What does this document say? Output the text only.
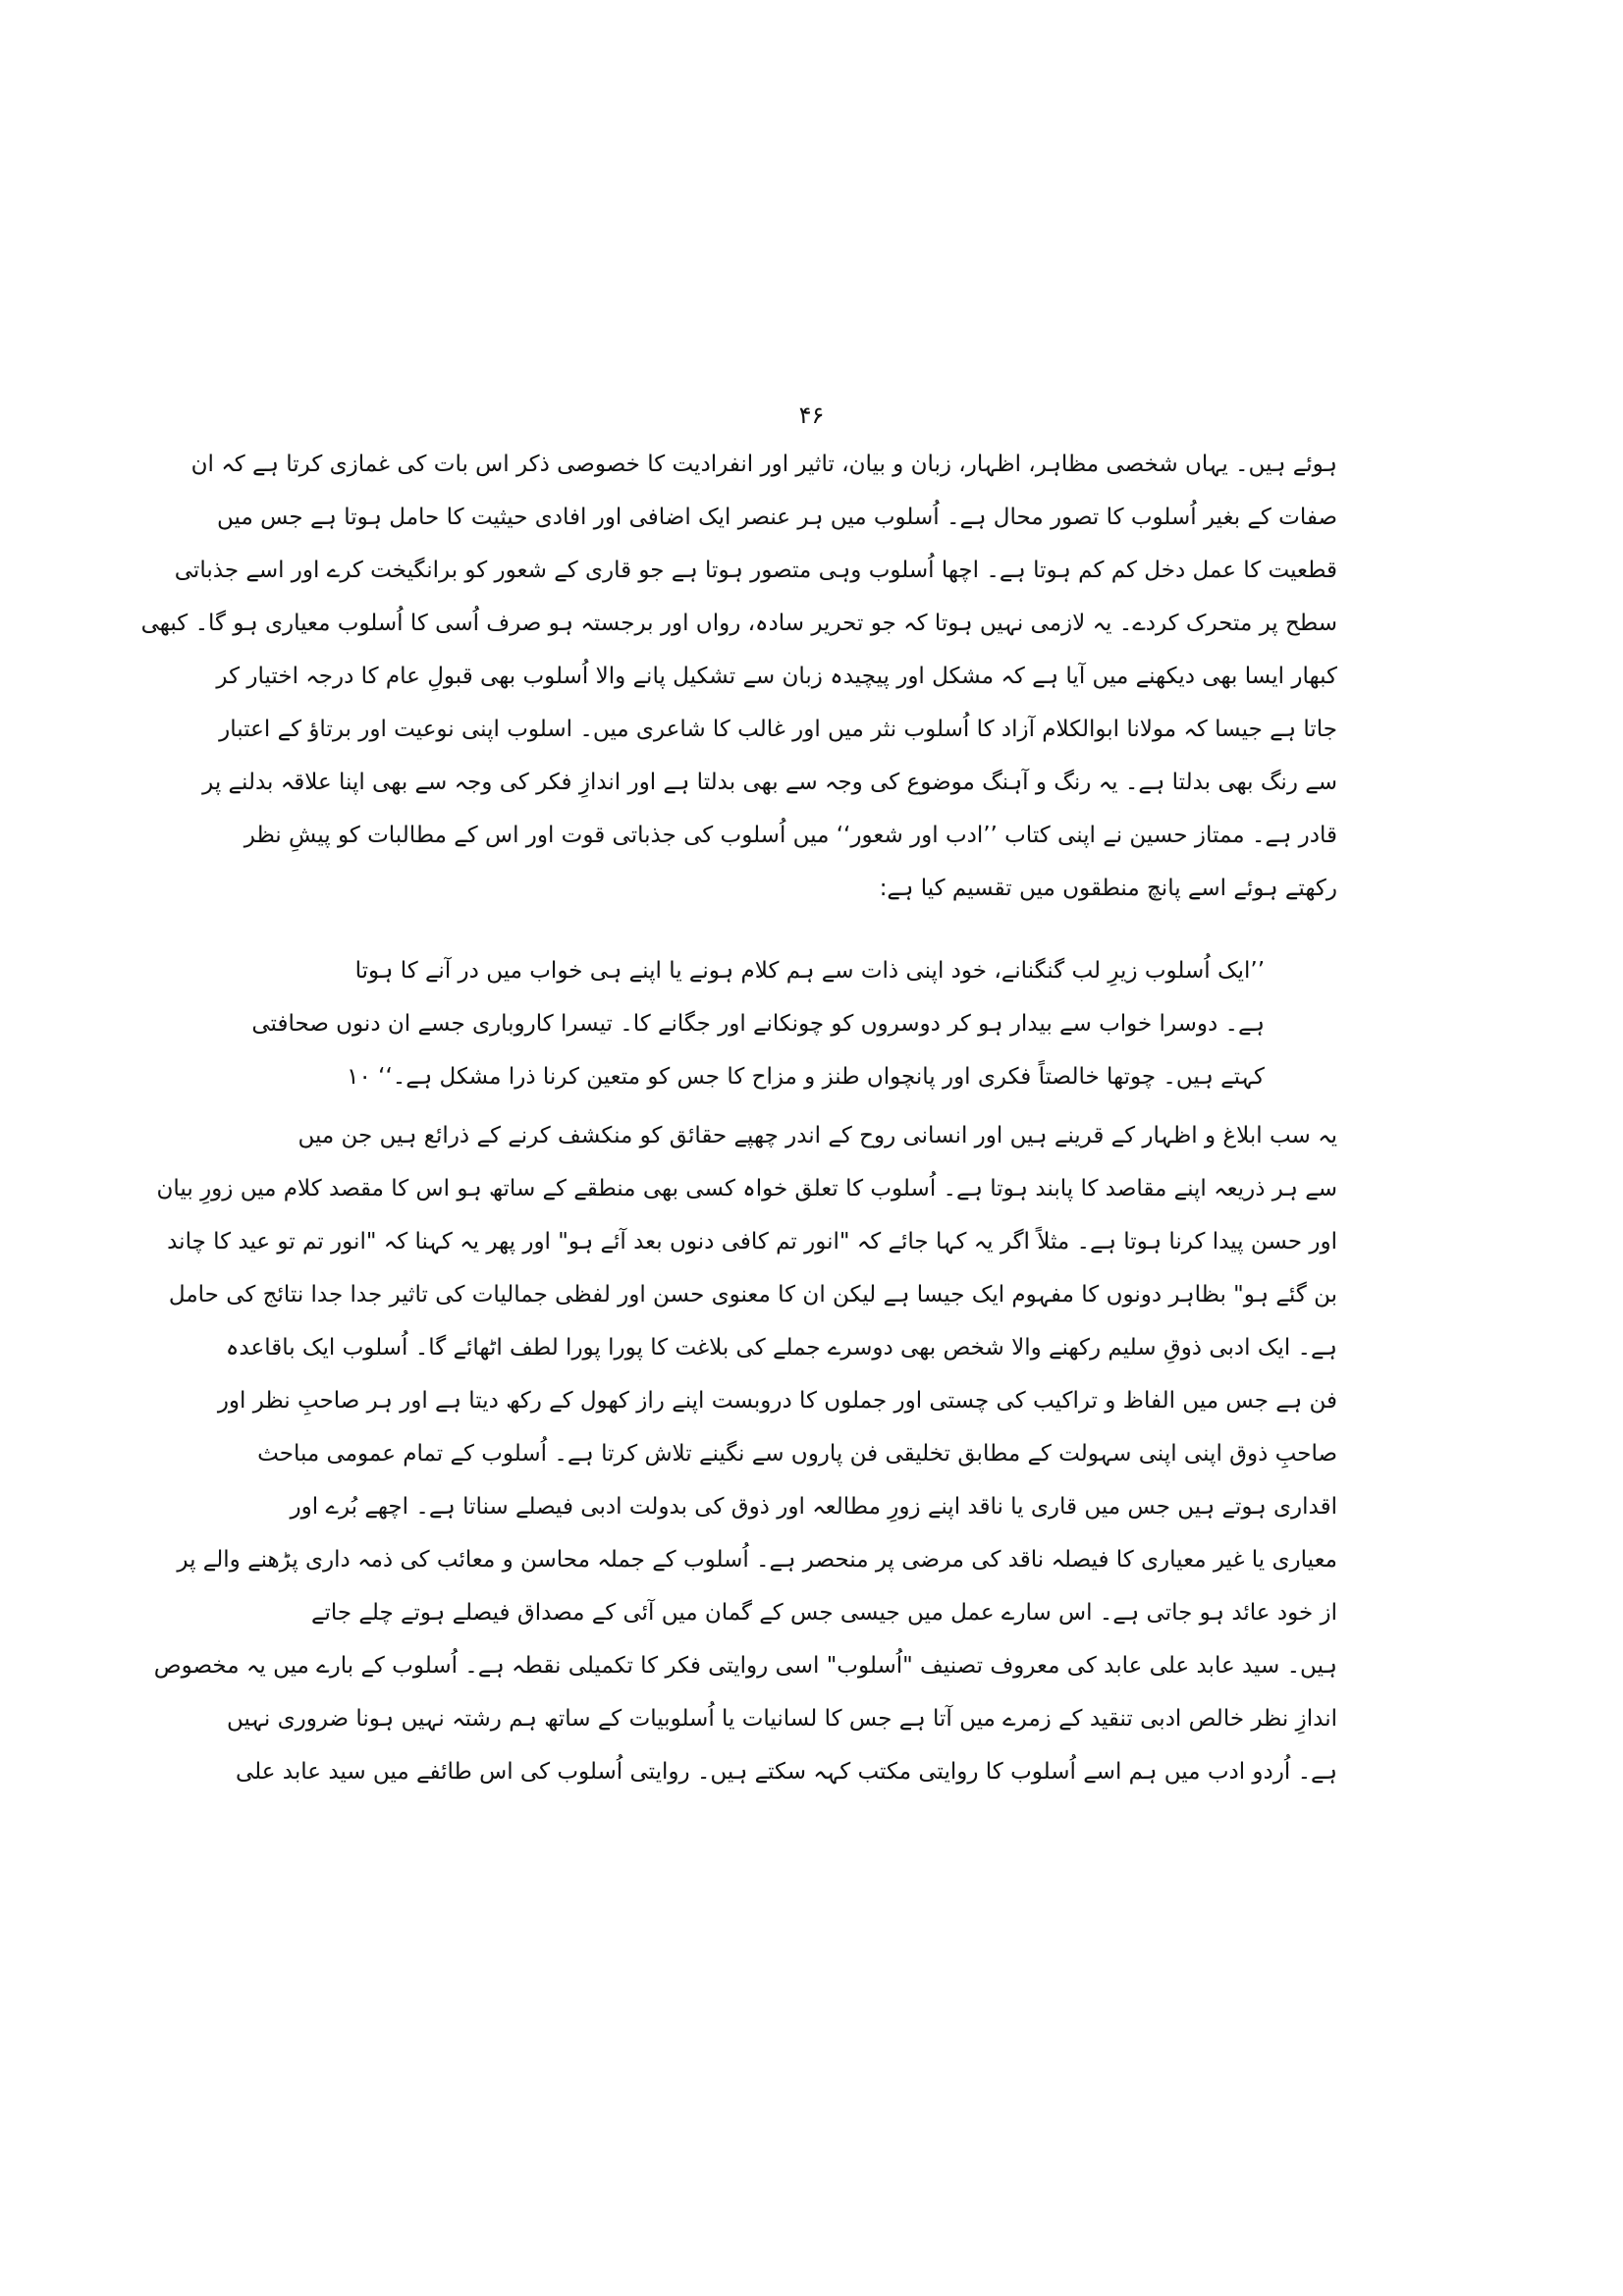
۴۶
ہوئے ہیں۔ یہاں شخصی مظاہر، اظہار، زبان و بیان، تاثیر اور انفرادیت کا خصوصی ذکر اس بات کی غمازی کرتا ہے کہ ان
صفات کے بغیر اُسلوب کا تصور محال ہے۔ اُسلوب میں ہر عنصر ایک اضافی اور افادی حیثیت کا حامل ہوتا ہے جس میں
قطعیت کا عمل دخل کم کم ہوتا ہے۔ اچھا اُسلوب وہی متصور ہوتا ہے جو قاری کے شعور کو برانگیخت کرے اور اسے جذباتی
سطح پر متحرک کردے۔ یہ لازمی نہیں ہوتا کہ جو تحریر سادہ، رواں اور برجستہ ہو صرف اُسی کا اُسلوب معیاری ہو گا۔ کبھی
کبھار ایسا بھی دیکھنے میں آیا ہے کہ مشکل اور پیچیدہ زبان سے تشکیل پانے والا اُسلوب بھی قبولِ عام کا درجہ اختیار کر
جاتا ہے جیسا کہ مولانا ابوالکلام آزاد کا اُسلوب نثر میں اور غالب کا شاعری میں۔ اسلوب اپنی نوعیت اور برتاؤ کے اعتبار
سے رنگ بھی بدلتا ہے۔ یہ رنگ و آہنگ موضوع کی وجہ سے بھی بدلتا ہے اور اندازِ فکر کی وجہ سے بھی اپنا علاقہ بدلنے پر
قادر ہے۔ ممتاز حسین نے اپنی کتاب ’’ادب اور شعور‘‘ میں اُسلوب کی جذباتی قوت اور اس کے مطالبات کو پیشِ نظر
رکھتے ہوئے اسے پانچ منطقوں میں تقسیم کیا ہے:
’’ایک اُسلوب زیرِ لب گنگنانے، خود اپنی ذات سے ہم کلام ہونے یا اپنے ہی خواب میں در آنے کا ہوتا
ہے۔ دوسرا خواب سے بیدار ہو کر دوسروں کو چونکانے اور جگانے کا۔ تیسرا کاروباری جسے ان دنوں صحافتی
کہتے ہیں۔ چوتھا خالصتاً فکری اور پانچواں طنز و مزاح کا جس کو متعین کرنا ذرا مشکل ہے۔‘‘ ۱۰
یہ سب ابلاغ و اظہار کے قرینے ہیں اور انسانی روح کے اندر چھپے حقائق کو منکشف کرنے کے ذرائع ہیں جن میں
سے ہر ذریعہ اپنے مقاصد کا پابند ہوتا ہے۔ اُسلوب کا تعلق خواہ کسی بھی منطقے کے ساتھ ہو اس کا مقصد کلام میں زورِ بیان
اور حسن پیدا کرنا ہوتا ہے۔ مثلاً اگر یہ کہا جائے کہ "انور تم کافی دنوں بعد آئے ہو" اور پھر یہ کہنا کہ "انور تم تو عید کا چاند
بن گئے ہو" بظاہر دونوں کا مفہوم ایک جیسا ہے لیکن ان کا معنوی حسن اور لفظی جمالیات کی تاثیر جدا جدا نتائج کی حامل
ہے۔ ایک ادبی ذوقِ سلیم رکھنے والا شخص بھی دوسرے جملے کی بلاغت کا پورا پورا لطف اٹھائے گا۔ اُسلوب ایک باقاعدہ
فن ہے جس میں الفاظ و تراکیب کی چستی اور جملوں کا دروبست اپنے راز کھول کے رکھ دیتا ہے اور ہر صاحبِ نظر اور
صاحبِ ذوق اپنی اپنی سہولت کے مطابق تخلیقی فن پاروں سے نگینے تلاش کرتا ہے۔ اُسلوب کے تمام عمومی مباحث
اقداری ہوتے ہیں جس میں قاری یا ناقد اپنے زورِ مطالعہ اور ذوق کی بدولت ادبی فیصلے سناتا ہے۔ اچھے بُرے اور
معیاری یا غیر معیاری کا فیصلہ ناقد کی مرضی پر منحصر ہے۔ اُسلوب کے جملہ محاسن و معائب کی ذمہ داری پڑھنے والے پر
از خود عائد ہو جاتی ہے۔ اس سارے عمل میں جیسی جس کے گمان میں آئی کے مصداق فیصلے ہوتے چلے جاتے
ہیں۔ سید عابد علی عابد کی معروف تصنیف "اُسلوب" اسی روایتی فکر کا تکمیلی نقطہ ہے۔ اُسلوب کے بارے میں یہ مخصوص
اندازِ نظر خالص ادبی تنقید کے زمرے میں آتا ہے جس کا لسانیات یا اُسلوبیات کے ساتھ ہم رشتہ نہیں ہونا ضروری نہیں
ہے۔ اُردو ادب میں ہم اسے اُسلوب کا روایتی مکتب کہہ سکتے ہیں۔ روایتی اُسلوب کی اس طائفے میں سید عابد علی
